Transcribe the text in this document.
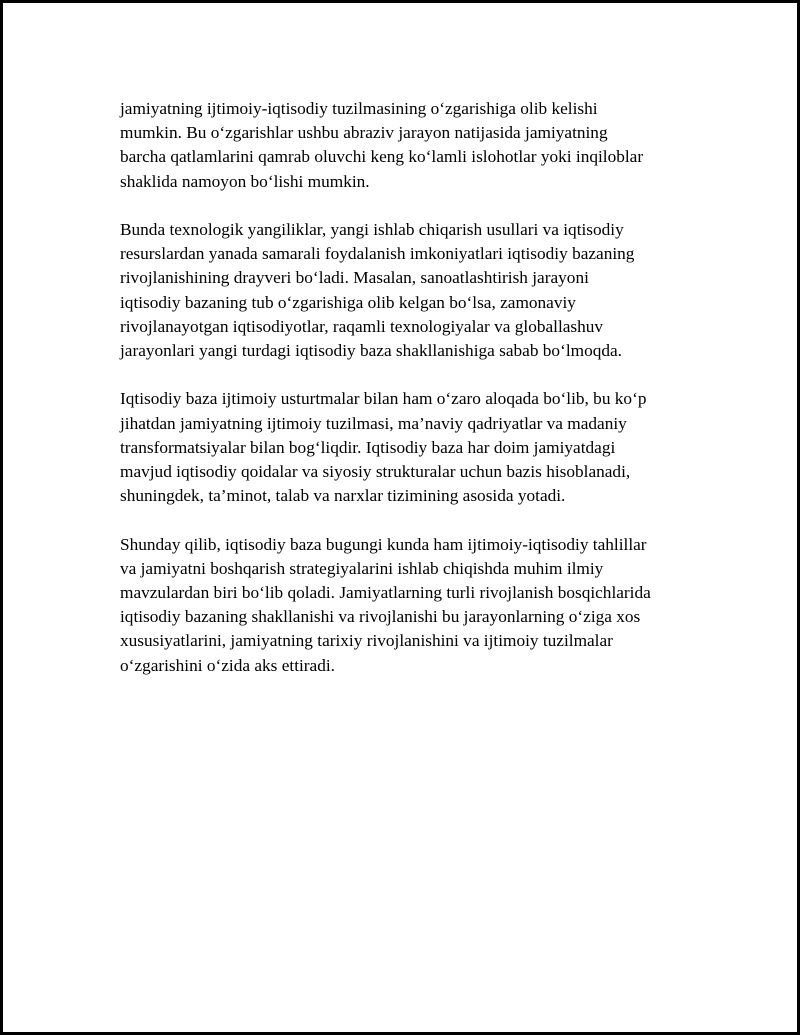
jamiyatning ijtimoiy-iqtisodiy tuzilmasining o‘zgarishiga olib kelishi
mumkin. Bu o‘zgarishlar ushbu abraziv jarayon natijasida jamiyatning
barcha qatlamlarini qamrab oluvchi keng ko‘lamli islohotlar yoki inqiloblar
shaklida namoyon bo‘lishi mumkin.

Bunda texnologik yangiliklar, yangi ishlab chiqarish usullari va iqtisodiy
resurslardan yanada samarali foydalanish imkoniyatlari iqtisodiy bazaning
rivojlanishining drayveri bo‘ladi. Masalan, sanoatlashtirish jarayoni
iqtisodiy bazaning tub o‘zgarishiga olib kelgan bo‘lsa, zamonaviy
rivojlanayotgan iqtisodiyotlar, raqamli texnologiyalar va globallashuv
jarayonlari yangi turdagi iqtisodiy baza shakllanishiga sabab bo‘lmoqda.

Iqtisodiy baza ijtimoiy usturtmalar bilan ham o‘zaro aloqada bo‘lib, bu ko‘p
jihatdan jamiyatning ijtimoiy tuzilmasi, ma’naviy qadriyatlar va madaniy
transformatsiyalar bilan bog‘liqdir. Iqtisodiy baza har doim jamiyatdagi
mavjud iqtisodiy qoidalar va siyosiy strukturalar uchun bazis hisoblanadi,
shuningdek, ta’minot, talab va narxlar tizimining asosida yotadi.

Shunday qilib, iqtisodiy baza bugungi kunda ham ijtimoiy-iqtisodiy tahlillar
va jamiyatni boshqarish strategiyalarini ishlab chiqishda muhim ilmiy
mavzulardan biri bo‘lib qoladi. Jamiyatlarning turli rivojlanish bosqichlarida
iqtisodiy bazaning shakllanishi va rivojlanishi bu jarayonlarning o‘ziga xos
xususiyatlarini, jamiyatning tarixiy rivojlanishini va ijtimoiy tuzilmalar
o‘zgarishini o‘zida aks ettiradi.
